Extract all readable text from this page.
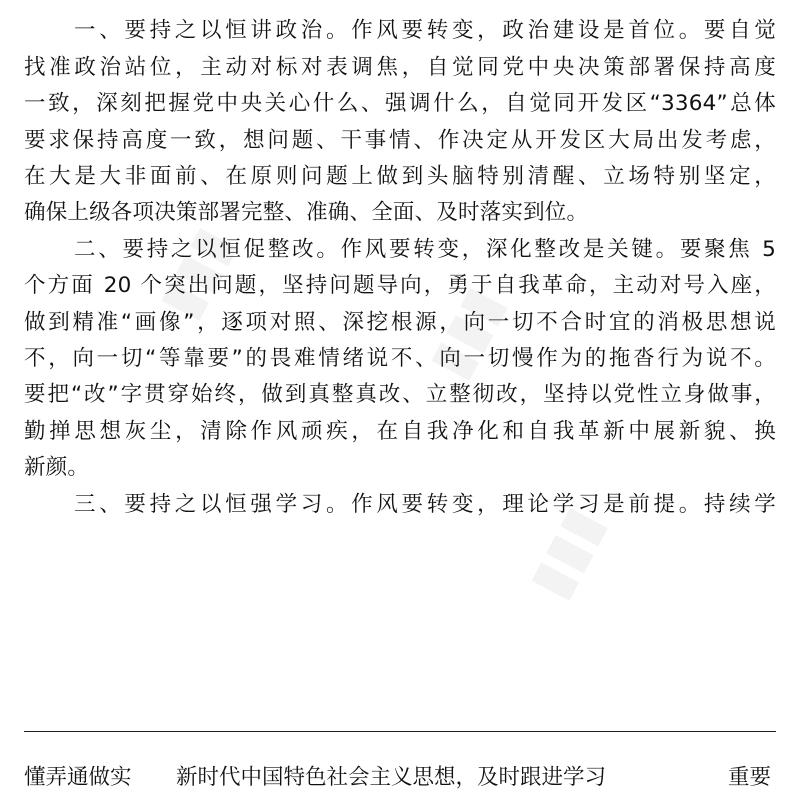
▮▮▮
▮▮▮
▮▮▮
一、要持之以恒讲政治。作风要转变，政治建设是首位。要自觉
找准政治站位，主动对标对表调焦，自觉同党中央决策部署保持高度
一致，深刻把握党中央关心什么、强调什么，自觉同开发区“3364”总体
要求保持高度一致，想问题、干事情、作决定从开发区大局出发考虑，
在大是大非面前、在原则问题上做到头脑特别清醒、立场特别坚定，
确保上级各项决策部署完整、准确、全面、及时落实到位。
二、要持之以恒促整改。作风要转变，深化整改是关键。要聚焦 5
个方面 20 个突出问题，坚持问题导向，勇于自我革命，主动对号入座，
做到精准“画像”，逐项对照、深挖根源，向一切不合时宜的消极思想说
不，向一切“等靠要”的畏难情绪说不、向一切慢作为的拖沓行为说不。
要把“改”字贯穿始终，做到真整真改、立整彻改，坚持以党性立身做事，
勤掸思想灰尘，清除作风顽疾，在自我净化和自我革新中展新貌、换
新颜。
三、要持之以恒强学习。作风要转变，理论学习是前提。持续学
懂弄通做实 新时代中国特色社会主义思想，及时跟进学习	重要
